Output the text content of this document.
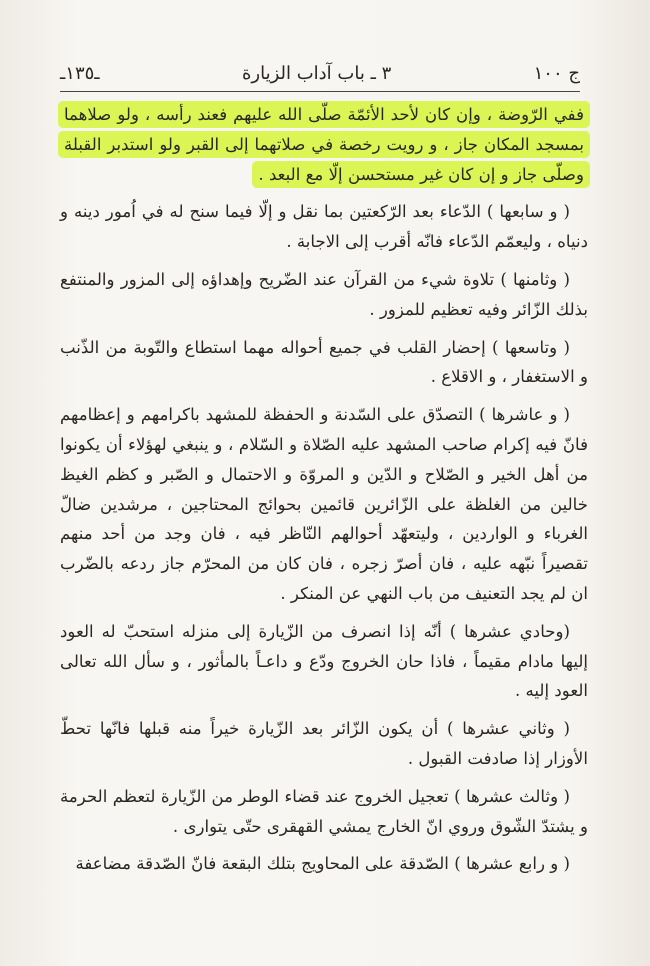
ج ١٠٠
٣ ـ باب آداب الزيارة
ـ١٣٥ـ

ففي الرّوضة ، وإن كان لأحد الأئمّة صلّى الله عليهم فعند رأسه ، ولو صلاهما بمسجد المكان جاز ، و رويت رخصة في صلاتهما إلى القبر ولو استدبر القبلة وصلّى جاز و إن كان غير مستحسن إلّا مع البعد .

( و سابعها ) الدّعاء بعد الرّكعتين بما نقل و إلّا فيما سنح له في اُمور دينه و دنياه ، وليعمّم الدّعاء فانّه أقرب إلى الاجابة .

( وثامنها ) تلاوة شيء من القرآن عند الضّريح وإهداؤه إلى المزور والمنتفع بذلك الزّائر وفيه تعظيم للمزور .

( وتاسعها ) إحضار القلب في جميع أحواله مهما استطاع والتّوبة من الذّنب و الاستغفار ، و الاقلاع .

( و عاشرها ) التصدّق على السّدنة و الحفظة للمشهد باكرامهم و إعظامهم فانّ فيه إكرام صاحب المشهد عليه الصّلاة و السّلام ، و ينبغي لهؤلاء أن يكونوا من أهل الخير و الصّلاح و الدّين و المروّة و الاحتمال و الصّبر و كظم الغيظ خالين من الغلظة على الزّائرين قائمين بحوائج المحتاجين ، مرشدين ضالّ الغرباء و الواردين ، وليتعهّد أحوالهم النّاظر فيه ، فان وجد من أحد منهم تقصيراً نبّهه عليه ، فان أصرّ زجره ، فان كان من المحرّم جاز ردعه بالضّرب ان لم يجد التعنيف من باب النهي عن المنكر .

(وحادي عشرها ) أنّه إذا انصرف من الزّيارة إلى منزله استحبّ له العود إليها مادام مقيماً ، فاذا حان الخروج ودّع و داعـاً بالمأثور ، و سأل الله تعالى العود إليه .

( وثاني عشرها ) أن يكون الزّائر بعد الزّيارة خيراً منه قبلها فانّها تحطّ الأوزار إذا صادفت القبول .

( وثالث عشرها ) تعجيل الخروج عند قضاء الوطر من الزّيارة لتعظم الحرمة و يشتدّ الشّوق وروي انّ الخارج يمشي القهقرى حتّى يتوارى .

( و رابع عشرها ) الصّدقة على المحاويج بتلك البقعة فانّ الصّدقة مضاعفة
